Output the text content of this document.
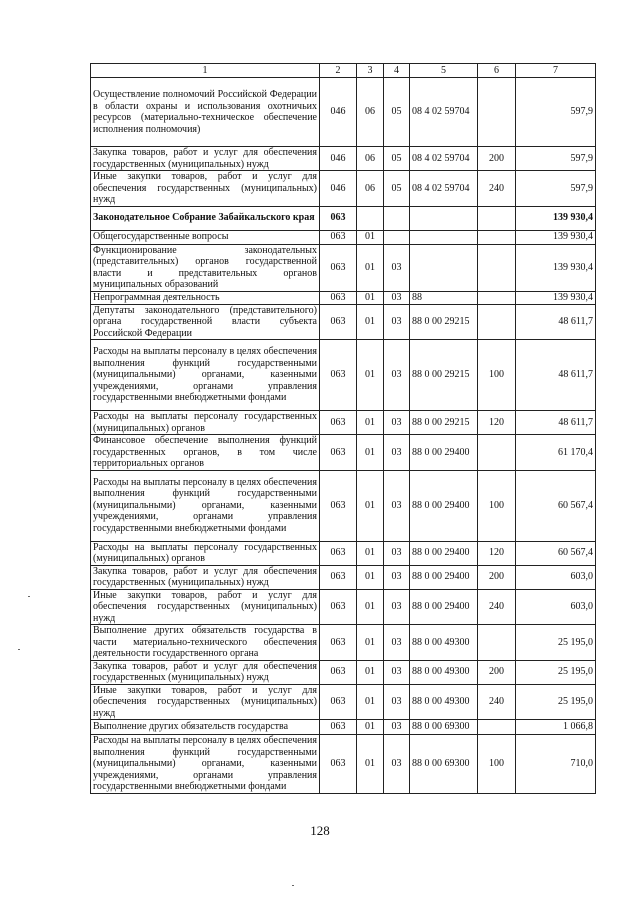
1	2	3	4	5	6	7
Осуществление полномочий Российской Федерации в области охраны и использования охотничьих ресурсов (материально-техническое обеспечение исполнения полномочия)	046	06	05	08 4 02 59704		597,9
Закупка товаров, работ и услуг для обеспечения государственных (муниципальных) нужд	046	06	05	08 4 02 59704	200	597,9
Иные закупки товаров, работ и услуг для обеспечения государственных (муниципальных) нужд	046	06	05	08 4 02 59704	240	597,9
Законодательное Собрание Забайкальского края	063					139 930,4
Общегосударственные вопросы	063	01				139 930,4
Функционирование законодательных (представительных) органов государственной власти и представительных органов муниципальных образований	063	01	03			139 930,4
Непрограммная деятельность	063	01	03	88		139 930,4
Депутаты законодательного (представительного) органа государственной власти субъекта Российской Федерации	063	01	03	88 0 00 29215		48 611,7
Расходы на выплаты персоналу в целях обеспечения выполнения функций государственными (муниципальными) органами, казенными учреждениями, органами управления государственными внебюджетными фондами	063	01	03	88 0 00 29215	100	48 611,7
Расходы на выплаты персоналу государственных (муниципальных) органов	063	01	03	88 0 00 29215	120	48 611,7
Финансовое обеспечение выполнения функций государственных органов, в том числе территориальных органов	063	01	03	88 0 00 29400		61 170,4
Расходы на выплаты персоналу в целях обеспечения выполнения функций государственными (муниципальными) органами, казенными учреждениями, органами управления государственными внебюджетными фондами	063	01	03	88 0 00 29400	100	60 567,4
Расходы на выплаты персоналу государственных (муниципальных) органов	063	01	03	88 0 00 29400	120	60 567,4
Закупка товаров, работ и услуг для обеспечения государственных (муниципальных) нужд	063	01	03	88 0 00 29400	200	603,0
Иные закупки товаров, работ и услуг для обеспечения государственных (муниципальных) нужд	063	01	03	88 0 00 29400	240	603,0
Выполнение других обязательств государства в части материально-технического обеспечения деятельности государственного органа	063	01	03	88 0 00 49300		25 195,0
Закупка товаров, работ и услуг для обеспечения государственных (муниципальных) нужд	063	01	03	88 0 00 49300	200	25 195,0
Иные закупки товаров, работ и услуг для обеспечения государственных (муниципальных) нужд	063	01	03	88 0 00 49300	240	25 195,0
Выполнение других обязательств государства	063	01	03	88 0 00 69300		1 066,8
Расходы на выплаты персоналу в целях обеспечения выполнения функций государственными (муниципальными) органами, казенными учреждениями, органами управления государственными внебюджетными фондами	063	01	03	88 0 00 69300	100	710,0
128
